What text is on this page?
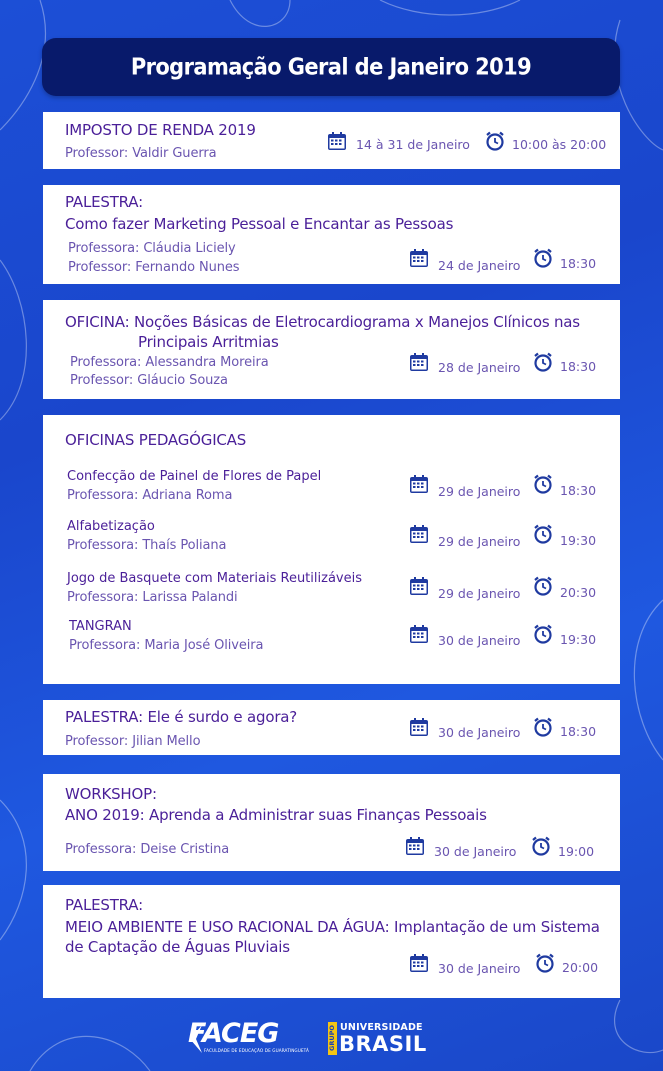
Programação Geral de Janeiro 2019
IMPOSTO DE RENDA 2019
Professor: Valdir Guerra
14 à 31 de Janeiro	10:00 às 20:00
PALESTRA:
Como fazer Marketing Pessoal e Encantar as Pessoas
Professora: Cláudia Liciely
Professor: Fernando Nunes	24 de Janeiro	18:30
OFICINA: Noções Básicas de Eletrocardiograma x Manejos Clínicos nas
Principais Arritmias
Professora: Alessandra Moreira
Professor: Gláucio Souza
28 de Janeiro	18:30
OFICINAS PEDAGÓGICAS
Confecção de Painel de Flores de Papel
Professora: Adriana Roma	29 de Janeiro	18:30
Alfabetização
Professora: Thaís Poliana	29 de Janeiro	19:30
Jogo de Basquete com Materiais Reutilizáveis
Professora: Larissa Palandi	29 de Janeiro	20:30
TANGRAN
Professora: Maria José Oliveira	30 de Janeiro	19:30
PALESTRA: Ele é surdo e agora?
Professor: Jilian Mello
30 de Janeiro	18:30
WORKSHOP:
ANO 2019: Aprenda a Administrar suas Finanças Pessoais
Professora: Deise Cristina	30 de Janeiro	19:00
PALESTRA:
MEIO AMBIENTE E USO RACIONAL DA ÁGUA: Implantação de um Sistema
de Captação de Águas Pluviais
30 de Janeiro	20:00
FACEG
FACULDADE DE EDUCAÇÃO DE GUARATINGUETÁ	GRUPO UNIVERSIDADE
BRASIL
